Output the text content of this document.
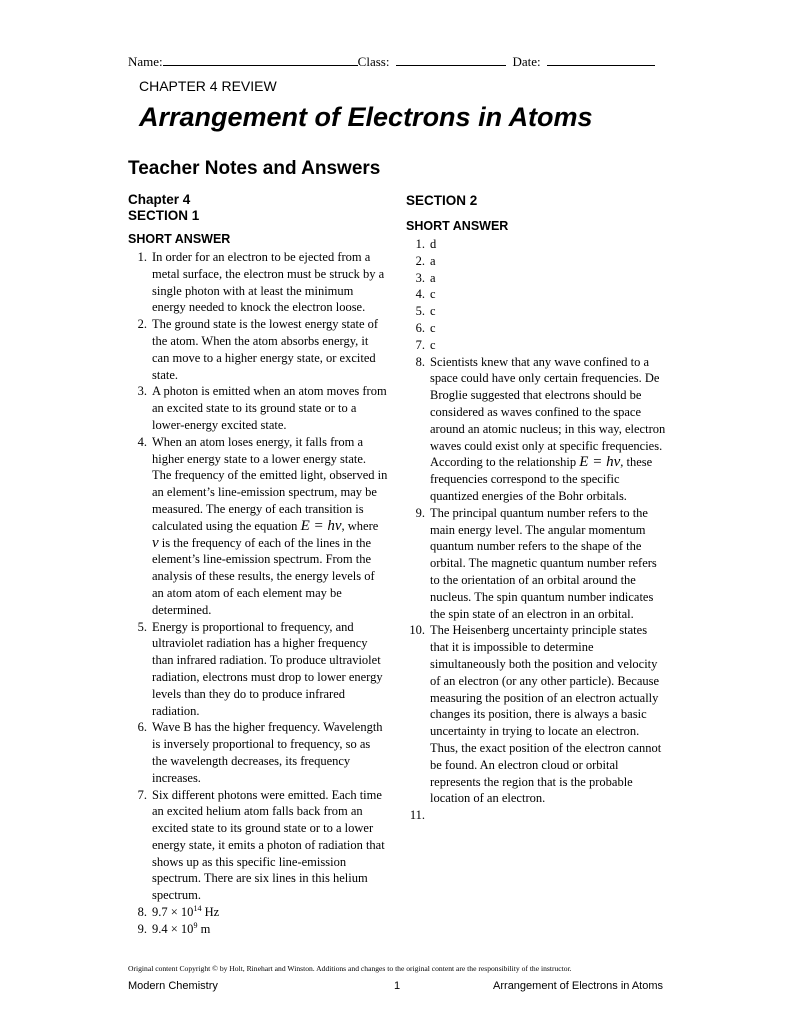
Name:	Class:	Date:
CHAPTER 4 REVIEW
Arrangement of Electrons in Atoms
Teacher Notes and Answers
Chapter 4
SECTION 1
SHORT ANSWER
1. In order for an electron to be ejected from a metal surface, the electron must be struck by a single photon with at least the minimum energy needed to knock the electron loose.
2. The ground state is the lowest energy state of the atom. When the atom absorbs energy, it can move to a higher energy state, or excited state.
3. A photon is emitted when an atom moves from an excited state to its ground state or to a lower-energy excited state.
4. When an atom loses energy, it falls from a higher energy state to a lower energy state. The frequency of the emitted light, observed in an element’s line-emission spectrum, may be measured. The energy of each transition is calculated using the equation E = hν, where ν is the frequency of each of the lines in the element’s line-emission spectrum. From the analysis of these results, the energy levels of an atom atom of each element may be determined.
5. Energy is proportional to frequency, and ultraviolet radiation has a higher frequency than infrared radiation. To produce ultraviolet radiation, electrons must drop to lower energy levels than they do to produce infrared radiation.
6. Wave B has the higher frequency. Wavelength is inversely proportional to frequency, so as the wavelength decreases, its frequency increases.
7. Six different photons were emitted. Each time an excited helium atom falls back from an excited state to its ground state or to a lower energy state, it emits a photon of radiation that shows up as this specific line-emission spectrum. There are six lines in this helium spectrum.
8. $9.7 \times 10^{14}$ Hz
9. $9.4 \times 10^9$ m
SECTION 2
SHORT ANSWER
1. d
2. a
3. a
4. c
5. c
6. c
7. c
8. Scientists knew that any wave confined to a space could have only certain frequencies. De Broglie suggested that electrons should be considered as waves confined to the space around an atomic nucleus; in this way, electron waves could exist only at specific frequencies. According to the relationship E = hν, these frequencies correspond to the specific quantized energies of the Bohr orbitals.
9. The principal quantum number refers to the main energy level. The angular momentum quantum number refers to the shape of the orbital. The magnetic quantum number refers to the orientation of an orbital around the nucleus. The spin quantum number indicates the spin state of an electron in an orbital.
10. The Heisenberg uncertainty principle states that it is impossible to determine simultaneously both the position and velocity of an electron (or any other particle). Because measuring the position of an electron actually changes its position, there is always a basic uncertainty in trying to locate an electron. Thus, the exact position of the electron cannot be found. An electron cloud or orbital represents the region that is the probable location of an electron.
11.
Original content Copyright © by Holt, Rinehart and Winston. Additions and changes to the original content are the responsibility of the instructor.
Modern Chemistry	1	Arrangement of Electrons in Atoms
